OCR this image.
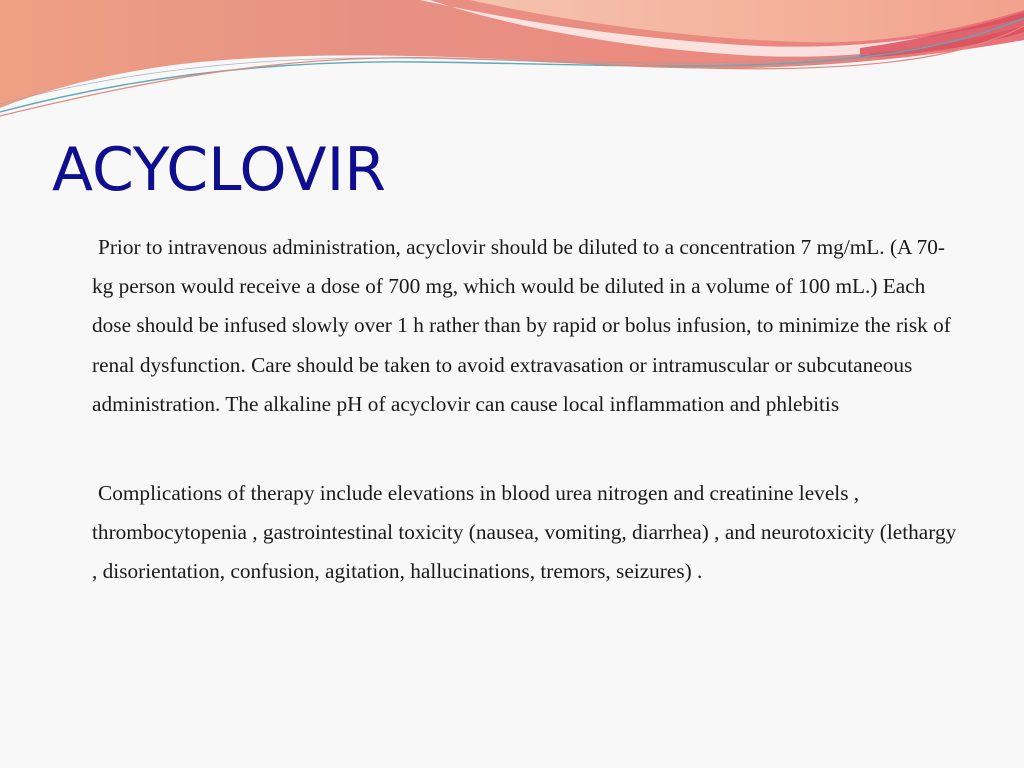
ACYCLOVIR

Prior to intravenous administration, acyclovir should be diluted to a concentration 7 mg/mL. (A 70-kg person would receive a dose of 700 mg, which would be diluted in a volume of 100 mL.) Each dose should be infused slowly over 1 h rather than by rapid or bolus infusion, to minimize the risk of renal dysfunction. Care should be taken to avoid extravasation or intramuscular or subcutaneous administration. The alkaline pH of acyclovir can cause local inflammation and phlebitis

Complications of therapy include elevations in blood urea nitrogen and creatinine levels , thrombocytopenia , gastrointestinal toxicity (nausea, vomiting, diarrhea) , and neurotoxicity (lethargy , disorientation, confusion, agitation, hallucinations, tremors, seizures) .
